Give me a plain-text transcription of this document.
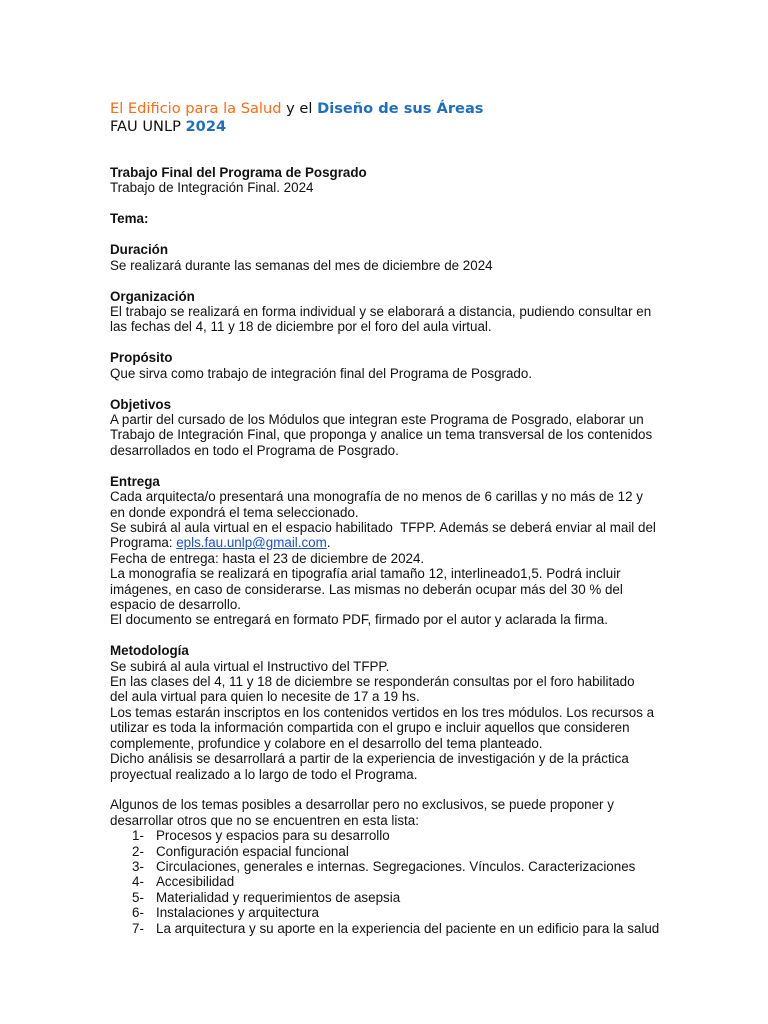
El Edificio para la Salud y el Diseño de sus Áreas
FAU UNLP 2024
Trabajo Final del Programa de Posgrado
Trabajo de Integración Final. 2024
Tema:
Duración
Se realizará durante las semanas del mes de diciembre de 2024
Organización
El trabajo se realizará en forma individual y se elaborará a distancia, pudiendo consultar en
las fechas del 4, 11 y 18 de diciembre por el foro del aula virtual.
Propósito
Que sirva como trabajo de integración final del Programa de Posgrado.
Objetivos
A partir del cursado de los Módulos que integran este Programa de Posgrado, elaborar un
Trabajo de Integración Final, que proponga y analice un tema transversal de los contenidos
desarrollados en todo el Programa de Posgrado.
Entrega
Cada arquitecta/o presentará una monografía de no menos de 6 carillas y no más de 12 y
en donde expondrá el tema seleccionado.
Se subirá al aula virtual en el espacio habilitado  TFPP. Además se deberá enviar al mail del
Programa: epls.fau.unlp@gmail.com.
Fecha de entrega: hasta el 23 de diciembre de 2024.
La monografía se realizará en tipografía arial tamaño 12, interlineado1,5. Podrá incluir
imágenes, en caso de considerarse. Las mismas no deberán ocupar más del 30 % del
espacio de desarrollo.
El documento se entregará en formato PDF, firmado por el autor y aclarada la firma.
Metodología
Se subirá al aula virtual el Instructivo del TFPP.
En las clases del 4, 11 y 18 de diciembre se responderán consultas por el foro habilitado
del aula virtual para quien lo necesite de 17 a 19 hs.
Los temas estarán inscriptos en los contenidos vertidos en los tres módulos. Los recursos a
utilizar es toda la información compartida con el grupo e incluir aquellos que consideren
complemente, profundice y colabore en el desarrollo del tema planteado.
Dicho análisis se desarrollará a partir de la experiencia de investigación y de la práctica
proyectual realizado a lo largo de todo el Programa.
Algunos de los temas posibles a desarrollar pero no exclusivos, se puede proponer y
desarrollar otros que no se encuentren en esta lista:
1- Procesos y espacios para su desarrollo
2- Configuración espacial funcional
3- Circulaciones, generales e internas. Segregaciones. Vínculos. Caracterizaciones
4- Accesibilidad
5- Materialidad y requerimientos de asepsia
6- Instalaciones y arquitectura
7- La arquitectura y su aporte en la experiencia del paciente en un edificio para la salud
